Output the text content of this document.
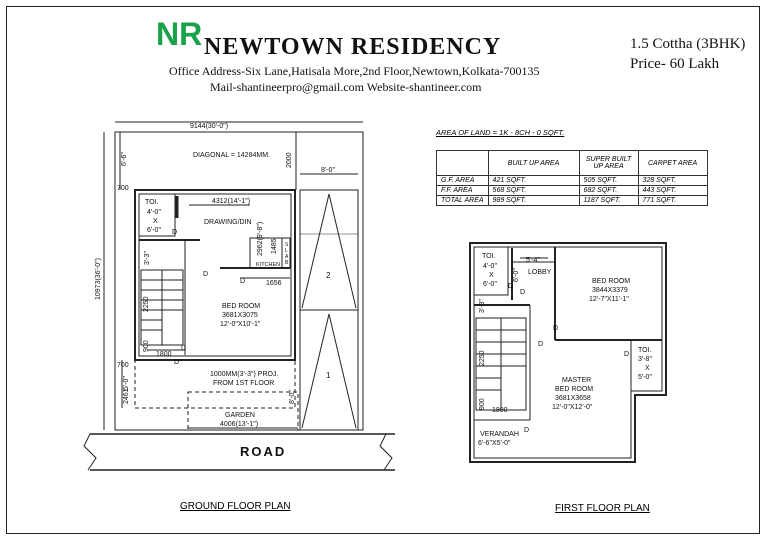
NR NEWTOWN RESIDENCY
Office Address-Six Lane,Hatisala More,2nd Floor,Newtown,Kolkata-700135
Mail-shantineerpro@gmail.com Website-shantineer.com
1.5 Cottha (3BHK)
Price- 60 Lakh
AREA OF LAND = 1K - 8CH - 0 SQFT.
	BUILT UP AREA	SUPER BUILT UP AREA	CARPET AREA
G.F. AREA	421 SQFT.	505 SQFT.	328 SQFT.
F.F. AREA	568 SQFT.	682 SQFT.	443 SQFT.
TOTAL AREA	989 SQFT.	1187 SQFT.	771 SQFT.
9144(30'-0")
10973(36'-0")
DIAGONAL = 14284MM.
700
700
6'-6"	2000
8'-0"
TOI.
4'-0"
X
6'-0" D
4312(14'-1")
DRAWING/DIN 2962(9'-8") 1485 S
L
A
B
KITCHEN
1656
D
D
BED ROOM
3681X3075
12'-0"X10'-1"
3'-3"
2250
900
1800
D
D
1000MM(3'-3") PROJ.
FROM 1ST FLOOR
5'-0"
2461	8'-0"
GARDEN
4006(13'-1")
2
1
ROAD
TOI.
4'-0"
X
6'-0" D
5'-4"
6'-0" LOBBY
D
BED ROOM
3844X3379
12'-7"X11'-1"
D
D
D
TOI.
3'-8"
X
5'-0"
MASTER
BED ROOM
3681X3658
12'-0"X12'-0"
3'-3"
2250
900
1800
D
VERANDAH
6'-6"X5'-0"
GROUND FLOOR PLAN	FIRST FLOOR PLAN
